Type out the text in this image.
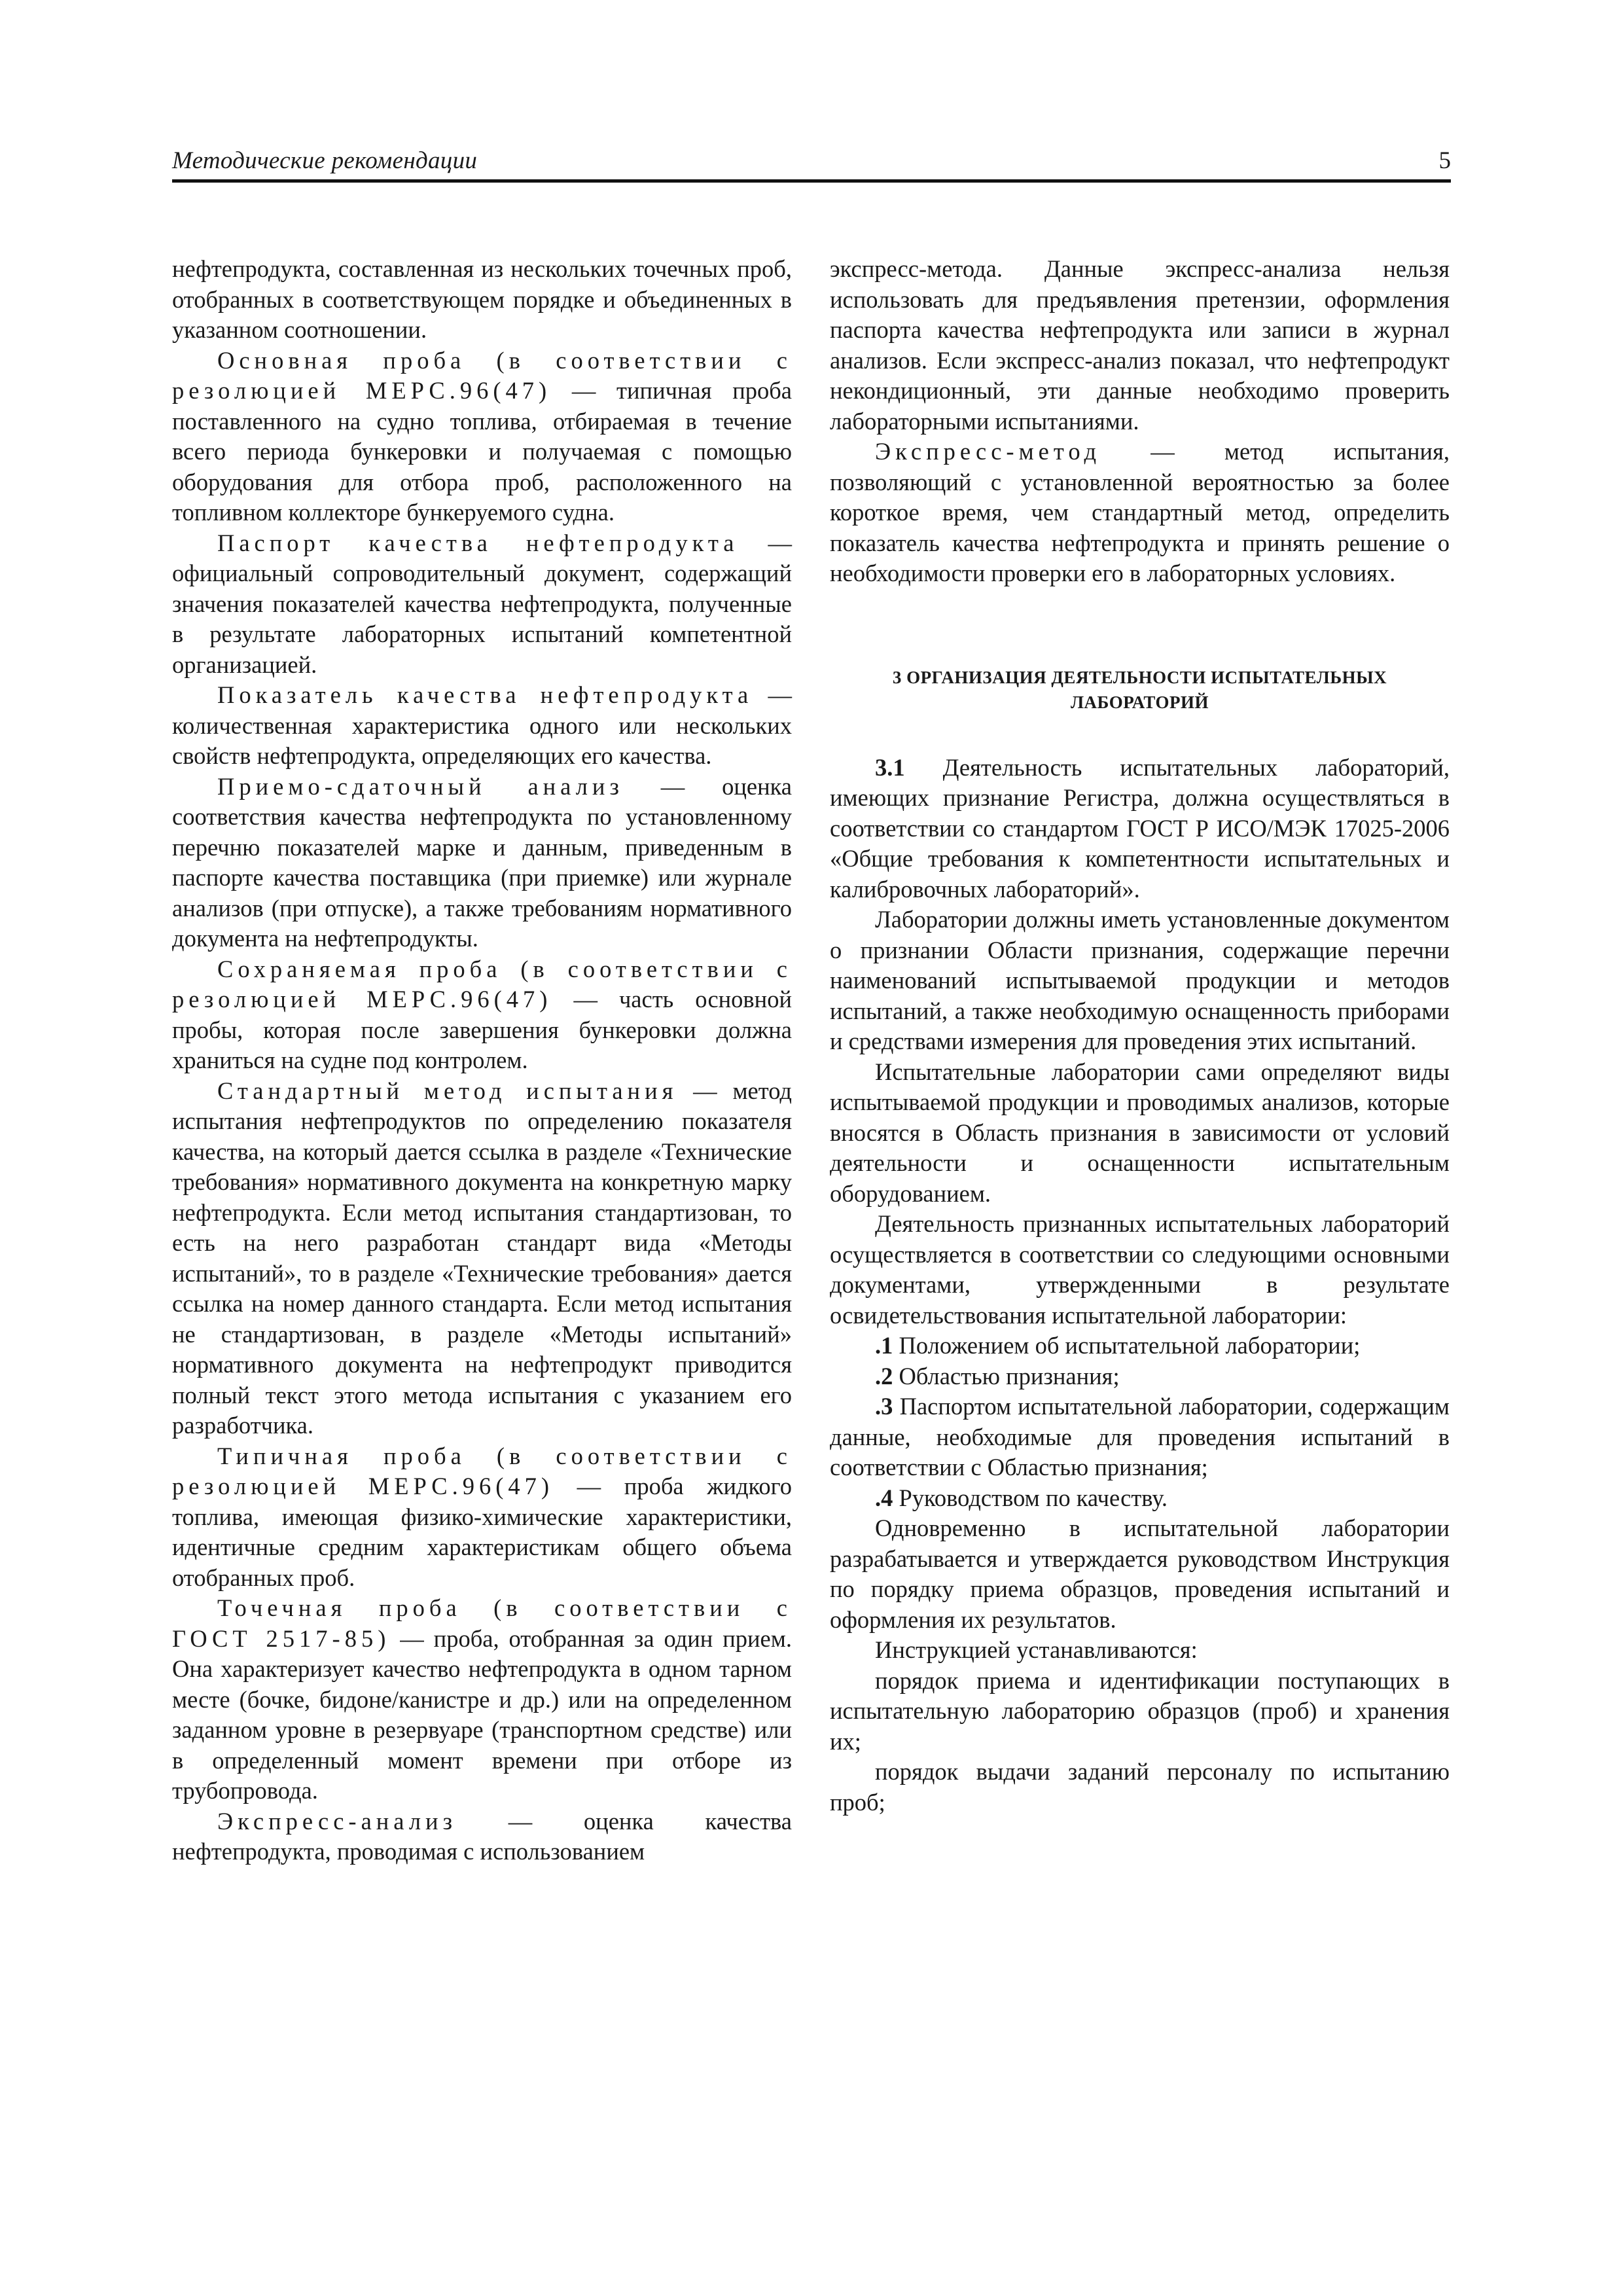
Методические рекомендации	5

нефтепродукта, составленная из нескольких точечных проб, отобранных в соответствующем порядке и объединенных в указанном соотношении.

Основная проба (в соответствии с резолюцией МЕРС.96(47) — типичная проба поставленного на судно топлива, отбираемая в течение всего периода бункеровки и получаемая с помощью оборудования для отбора проб, расположенного на топливном коллекторе бункеруемого судна.

Паспорт качества нефтепродукта — официальный сопроводительный документ, содержащий значения показателей качества нефтепродукта, полученные в результате лабораторных испытаний компетентной организацией.

Показатель качества нефтепродукта — количественная характеристика одного или нескольких свойств нефтепродукта, определяющих его качества.

Приемо-сдаточный анализ — оценка соответствия качества нефтепродукта по установленному перечню показателей марке и данным, приведенным в паспорте качества поставщика (при приемке) или журнале анализов (при отпуске), а также требованиям нормативного документа на нефтепродукты.

Сохраняемая проба (в соответствии с резолюцией МЕРС.96(47) — часть основной пробы, которая после завершения бункеровки должна храниться на судне под контролем.

Стандартный метод испытания — метод испытания нефтепродуктов по определению показателя качества, на который дается ссылка в разделе «Технические требования» нормативного документа на конкретную марку нефтепродукта. Если метод испытания стандартизован, то есть на него разработан стандарт вида «Методы испытаний», то в разделе «Технические требования» дается ссылка на номер данного стандарта. Если метод испытания не стандартизован, в разделе «Методы испытаний» нормативного документа на нефтепродукт приводится полный текст этого метода испытания с указанием его разработчика.

Типичная проба (в соответствии с резолюцией МЕРС.96(47) — проба жидкого топлива, имеющая физико-химические характеристики, идентичные средним характеристикам общего объема отобранных проб.

Точечная проба (в соответствии с ГОСТ 2517-85) — проба, отобранная за один прием. Она характеризует качество нефтепродукта в одном тарном месте (бочке, бидоне/канистре и др.) или на определенном заданном уровне в резервуаре (транспортном средстве) или в определенный момент времени при отборе из трубопровода.

Экспресс-анализ — оценка качества нефтепродукта, проводимая с использованием

экспресс-метода. Данные экспресс-анализа нельзя использовать для предъявления претензии, оформления паспорта качества нефтепродукта или записи в журнал анализов. Если экспресс-анализ показал, что нефтепродукт некондиционный, эти данные необходимо проверить лабораторными испытаниями.

Экспресс-метод — метод испытания, позволяющий с установленной вероятностью за более короткое время, чем стандартный метод, определить показатель качества нефтепродукта и принять решение о необходимости проверки его в лабораторных условиях.

3 ОРГАНИЗАЦИЯ ДЕЯТЕЛЬНОСТИ ИСПЫТАТЕЛЬНЫХ
ЛАБОРАТОРИЙ

3.1 Деятельность испытательных лабораторий, имеющих признание Регистра, должна осуществляться в соответствии со стандартом ГОСТ Р ИСО/МЭК 17025-2006 «Общие требования к компетентности испытательных и калибровочных лабораторий».

Лаборатории должны иметь установленные документом о признании Области признания, содержащие перечни наименований испытываемой продукции и методов испытаний, а также необходимую оснащенность приборами и средствами измерения для проведения этих испытаний.

Испытательные лаборатории сами определяют виды испытываемой продукции и проводимых анализов, которые вносятся в Область признания в зависимости от условий деятельности и оснащенности испытательным оборудованием.

Деятельность признанных испытательных лабораторий осуществляется в соответствии со следующими основными документами, утвержденными в результате освидетельствования испытательной лаборатории:

.1 Положением об испытательной лаборатории;

.2 Областью признания;

.3 Паспортом испытательной лаборатории, содержащим данные, необходимые для проведения испытаний в соответствии с Областью признания;

.4 Руководством по качеству.

Одновременно в испытательной лаборатории разрабатывается и утверждается руководством Инструкция по порядку приема образцов, проведения испытаний и оформления их результатов.

Инструкцией устанавливаются:

порядок приема и идентификации поступающих в испытательную лабораторию образцов (проб) и хранения их;

порядок выдачи заданий персоналу по испытанию проб;
